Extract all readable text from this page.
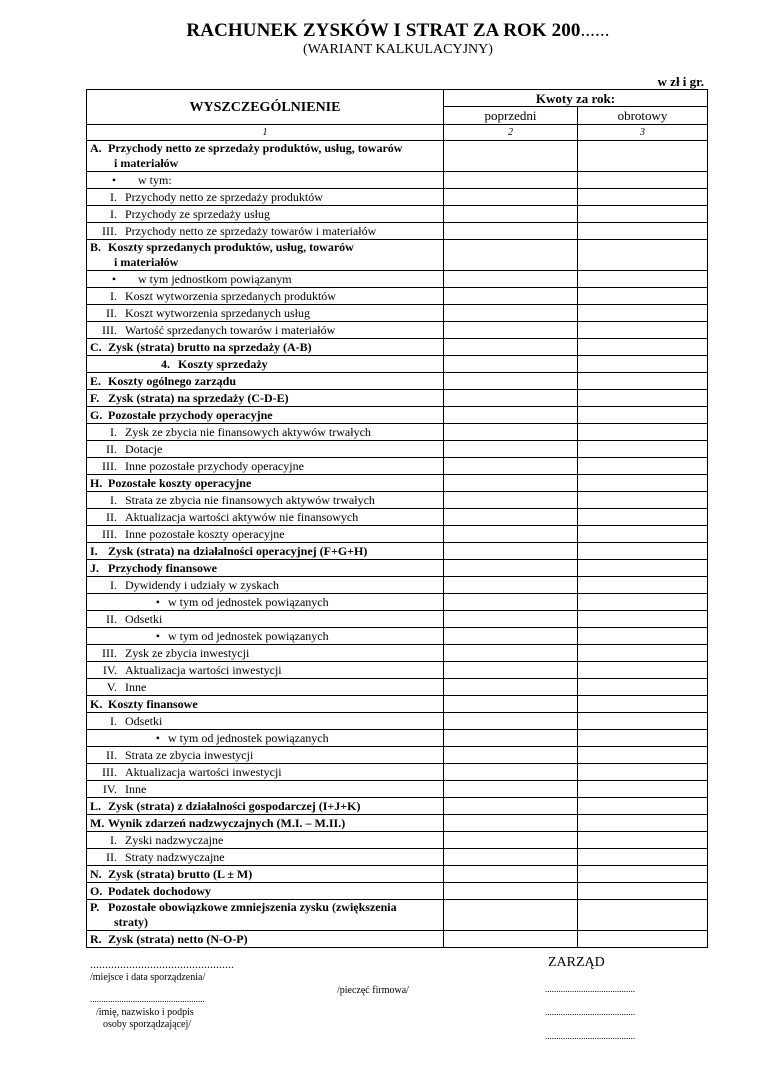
RACHUNEK ZYSKÓW I STRAT ZA ROK 200......
(WARIANT KALKULACYJNY)
w zł i gr.
WYSZCZEGÓLNIENIE	Kwoty za rok:	
	poprzedni	obrotowy
1	2	3
A. Przychody netto ze sprzedaży produktów, usług, towarów
i materiałów		

• w tym:		
I. Przychody netto ze sprzedaży produktów		
I. Przychody ze sprzedaży usług		
III. Przychody netto ze sprzedaży towarów i materiałów		
B. Koszty sprzedanych produktów, usług, towarów
i materiałów		

• w tym jednostkom powiązanym		
I. Koszt wytworzenia sprzedanych produktów		
II. Koszt wytworzenia sprzedanych usług		
III. Wartość sprzedanych towarów i materiałów		
C. Zysk (strata) brutto na sprzedaży (A-B)		
4. Koszty sprzedaży		
E. Koszty ogólnego zarządu		
F. Zysk (strata) na sprzedaży (C-D-E)		
G. Pozostałe przychody operacyjne		
I. Zysk ze zbycia nie finansowych aktywów trwałych		
II. Dotacje		
III. Inne pozostałe przychody operacyjne		
H. Pozostałe koszty operacyjne		
I. Strata ze zbycia nie finansowych aktywów trwałych		
II. Aktualizacja wartości aktywów nie finansowych		
III. Inne pozostałe koszty operacyjne		
I. Zysk (strata) na działalności operacyjnej (F+G+H)		
J. Przychody finansowe		
I. Dywidendy i udziały w zyskach		
• w tym od jednostek powiązanych		
II. Odsetki		
• w tym od jednostek powiązanych		
III. Zysk ze zbycia inwestycji		
IV. Aktualizacja wartości inwestycji		
V. Inne		
K. Koszty finansowe		
I. Odsetki		
• w tym od jednostek powiązanych		
II. Strata ze zbycia inwestycji		
III. Aktualizacja wartości inwestycji		
IV. Inne		
L. Zysk (strata) z działalności gospodarczej (I+J+K)		
M. Wynik zdarzeń nadzwyczajnych (M.I. – M.II.)		
I. Zyski nadzwyczajne		
II. Straty nadzwyczajne		
N. Zysk (strata) brutto (L ± M)		
O. Podatek dochodowy		
P. Pozostałe obowiązkowe zmniejszenia zysku (zwiększenia
straty)		

R. Zysk (strata) netto (N-O-P)		
................................................
/miejsce i data sporządzenia/
/pieczęć firmowa/
...................................................
/imię, nazwisko i podpis
osoby sporządzającej/
ZARZĄD
........................................
........................................
........................................
